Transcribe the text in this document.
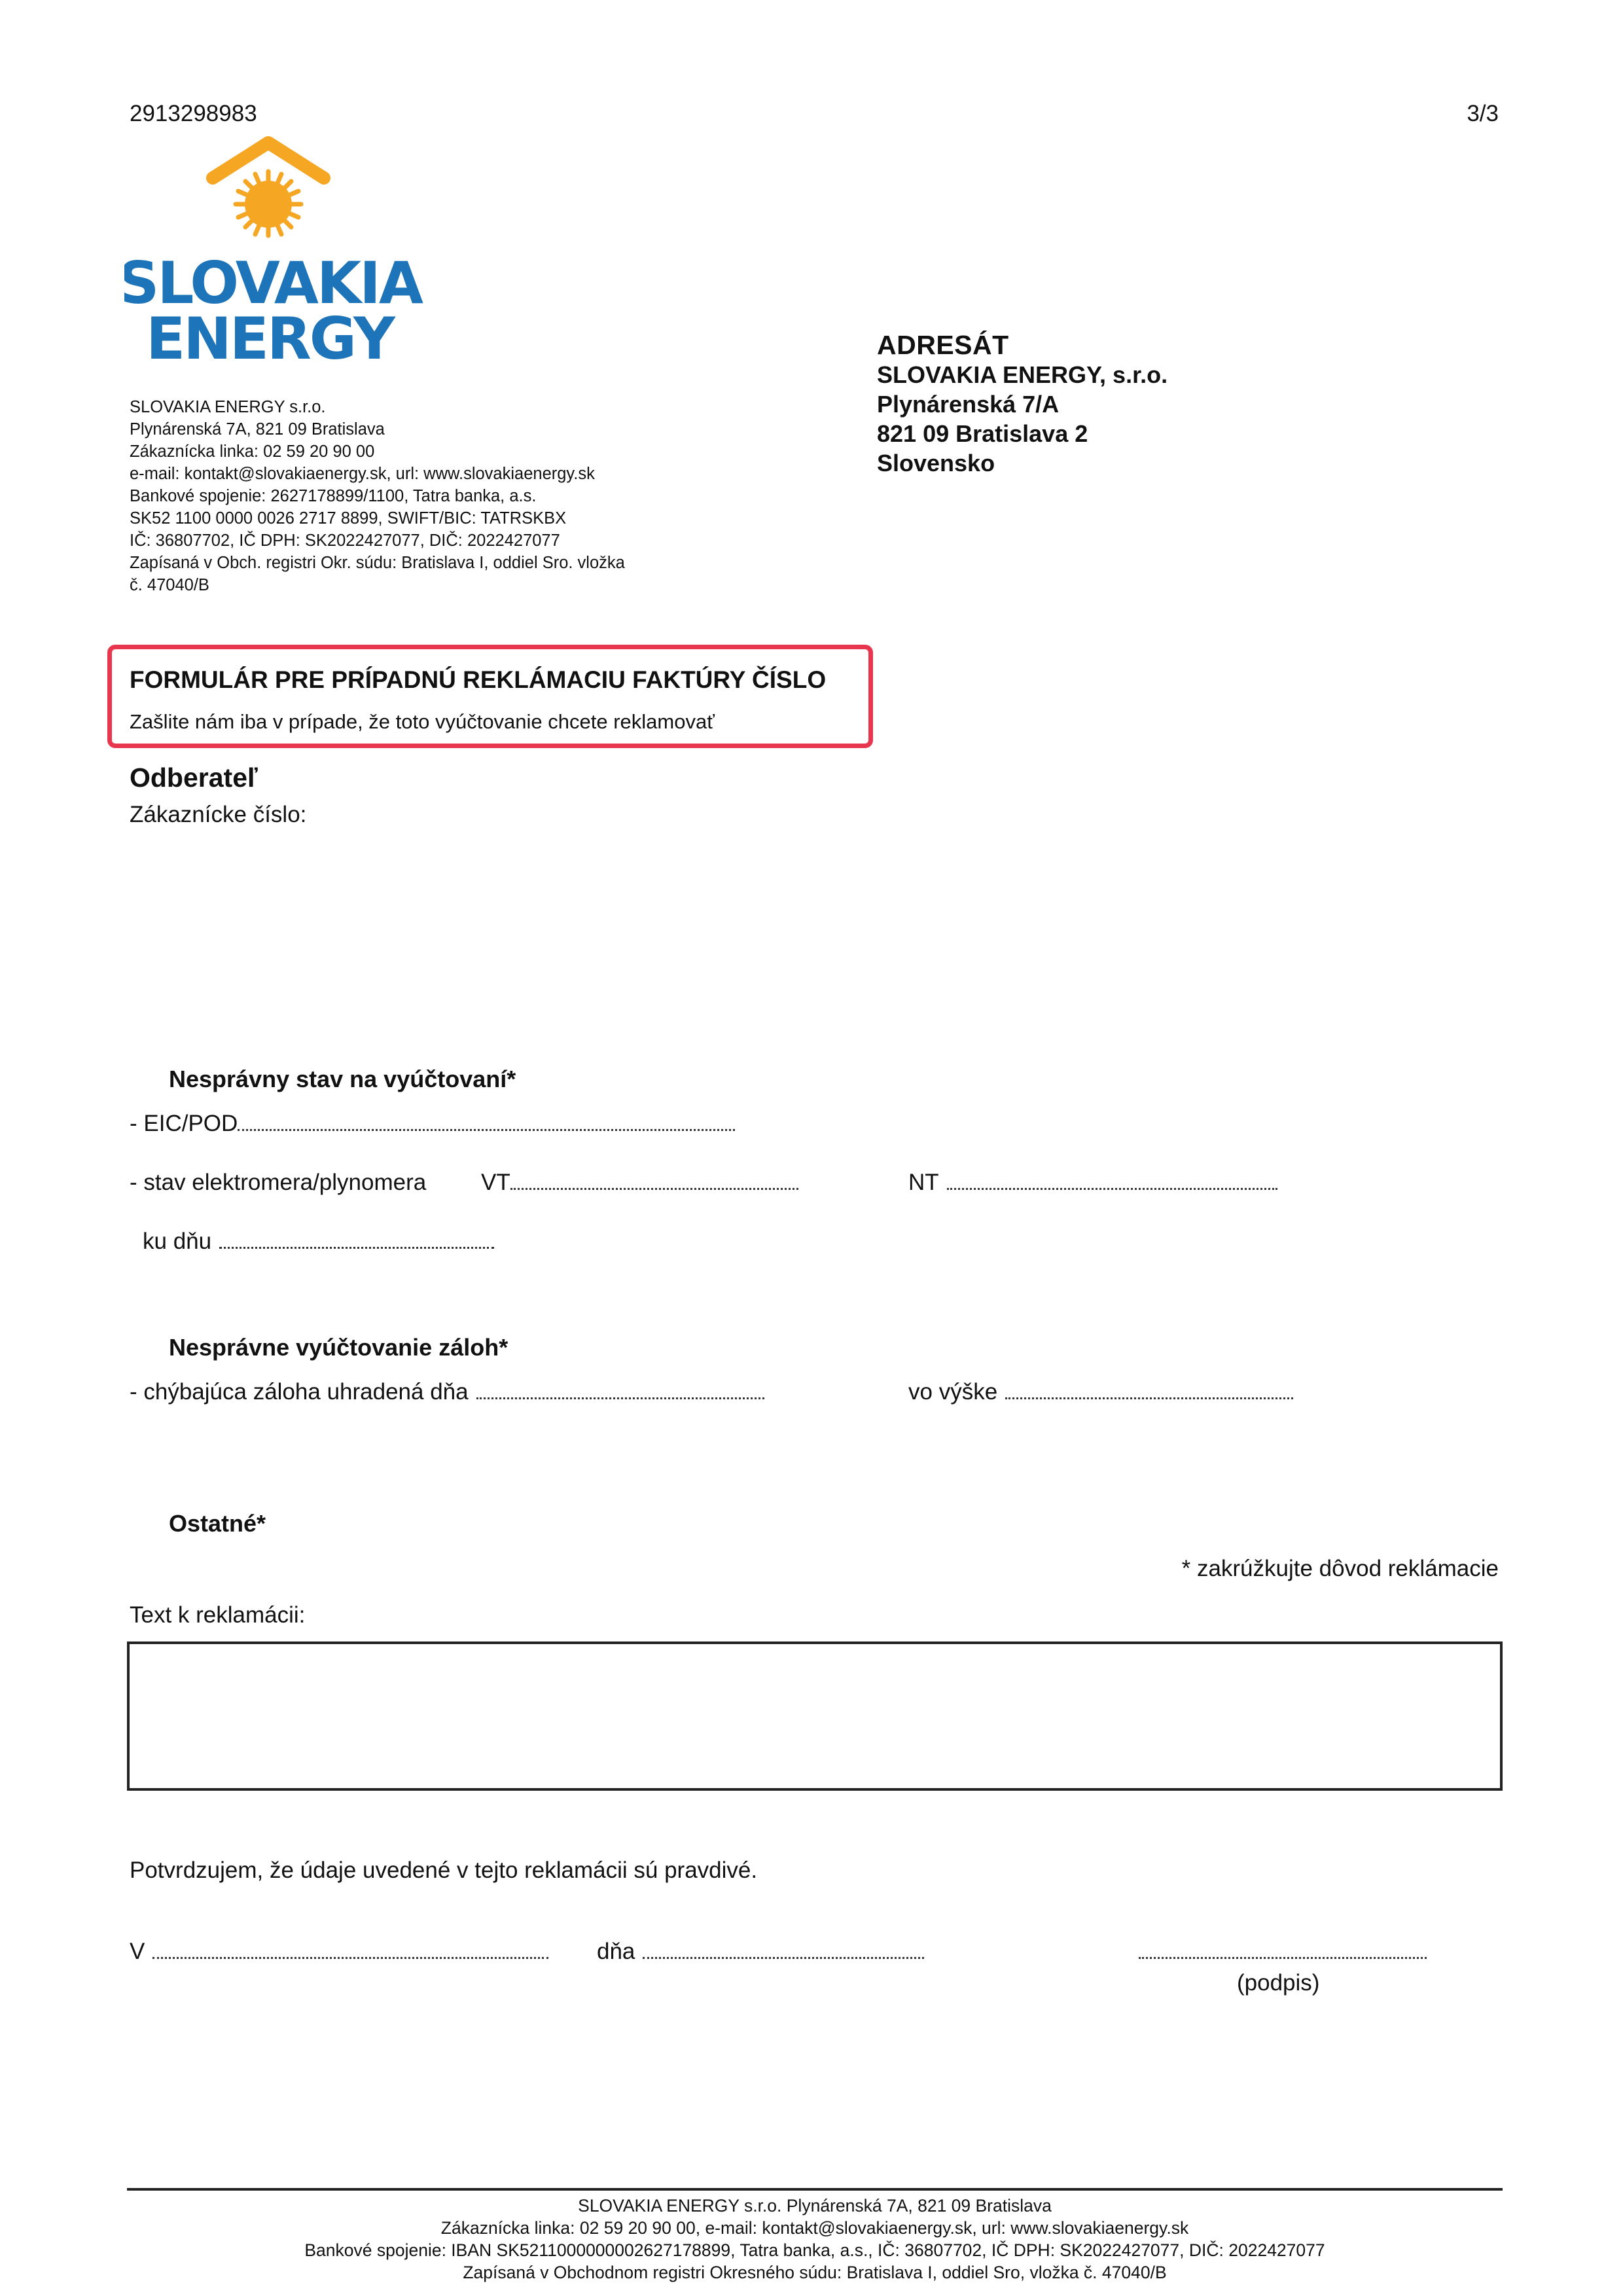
2913298983	3/3
SLOVAKIA
ENERGY
SLOVAKIA ENERGY s.r.o.
Plynárenská 7A, 821 09 Bratislava
Zákaznícka linka: 02 59 20 90 00
e-mail: kontakt@slovakiaenergy.sk, url: www.slovakiaenergy.sk
Bankové spojenie: 2627178899/1100, Tatra banka, a.s.
SK52 1100 0000 0026 2717 8899, SWIFT/BIC: TATRSKBX
IČ: 36807702, IČ DPH: SK2022427077, DIČ: 2022427077
Zapísaná v Obch. registri Okr. súdu: Bratislava I, oddiel Sro. vložka
č. 47040/B
ADRESÁT
SLOVAKIA ENERGY, s.r.o.
Plynárenská 7/A
821 09 Bratislava 2
Slovensko
FORMULÁR PRE PRÍPADNÚ REKLÁMACIU FAKTÚRY ČÍSLO
Zašlite nám iba v prípade, že toto vyúčtovanie chcete reklamovať
Odberateľ
Zákaznícke číslo:
Nesprávny stav na vyúčtovaní*
- EIC/POD
- stav elektromera/plynomera VT	NT
ku dňu
Nesprávne vyúčtovanie záloh*
- chýbajúca záloha uhradená dňa	vo výške
Ostatné*
* zakrúžkujte dôvod reklámacie
Text k reklamácii:
Potvrdzujem, že údaje uvedené v tejto reklamácii sú pravdivé.
V	dňa
(podpis)
SLOVAKIA ENERGY s.r.o. Plynárenská 7A, 821 09 Bratislava
Zákaznícka linka: 02 59 20 90 00, e-mail: kontakt@slovakiaenergy.sk, url: www.slovakiaenergy.sk
Bankové spojenie: IBAN SK5211000000002627178899, Tatra banka, a.s., IČ: 36807702, IČ DPH: SK2022427077, DIČ: 2022427077
Zapísaná v Obchodnom registri Okresného súdu: Bratislava I, oddiel Sro, vložka č. 47040/B
